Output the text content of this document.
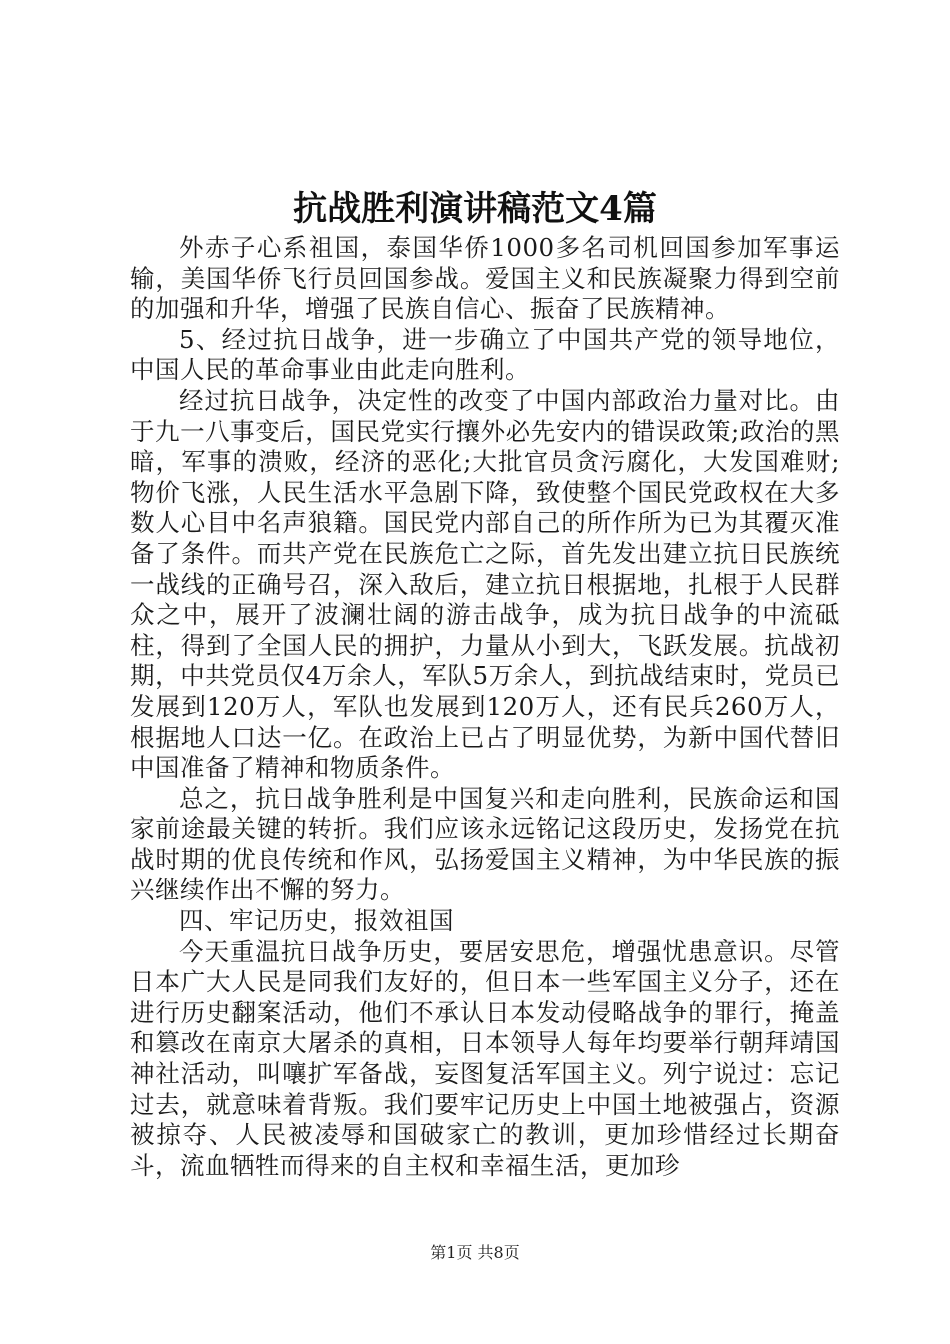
抗战胜利演讲稿范文4篇

外赤子心系祖国，泰国华侨1000多名司机回国参加军事运输，美国华侨飞行员回国参战。爱国主义和民族凝聚力得到空前的加强和升华，增强了民族自信心、振奋了民族精神。

5、经过抗日战争，进一步确立了中国共产党的领导地位，中国人民的革命事业由此走向胜利。

经过抗日战争，决定性的改变了中国内部政治力量对比。由于九一八事变后，国民党实行攘外必先安内的错误政策;政治的黑暗，军事的溃败，经济的恶化;大批官员贪污腐化，大发国难财;物价飞涨，人民生活水平急剧下降，致使整个国民党政权在大多数人心目中名声狼籍。国民党内部自己的所作所为已为其覆灭准备了条件。而共产党在民族危亡之际，首先发出建立抗日民族统一战线的正确号召，深入敌后，建立抗日根据地，扎根于人民群众之中，展开了波澜壮阔的游击战争，成为抗日战争的中流砥柱，得到了全国人民的拥护，力量从小到大，飞跃发展。抗战初期，中共党员仅4万余人，军队5万余人，到抗战结束时，党员已发展到120万人，军队也发展到120万人，还有民兵260万人，根据地人口达一亿。在政治上已占了明显优势，为新中国代替旧中国准备了精神和物质条件。

总之，抗日战争胜利是中国复兴和走向胜利，民族命运和国家前途最关键的转折。我们应该永远铭记这段历史，发扬党在抗战时期的优良传统和作风，弘扬爱国主义精神，为中华民族的振兴继续作出不懈的努力。

四、牢记历史，报效祖国

今天重温抗日战争历史，要居安思危，增强忧患意识。尽管日本广大人民是同我们友好的，但日本一些军国主义分子，还在进行历史翻案活动，他们不承认日本发动侵略战争的罪行，掩盖和篡改在南京大屠杀的真相，日本领导人每年均要举行朝拜靖国神社活动，叫嚷扩军备战，妄图复活军国主义。列宁说过：忘记过去，就意味着背叛。我们要牢记历史上中国土地被强占，资源被掠夺、人民被凌辱和国破家亡的教训，更加珍惜经过长期奋斗，流血牺牲而得来的自主权和幸福生活，更加珍

第1页 共8页
